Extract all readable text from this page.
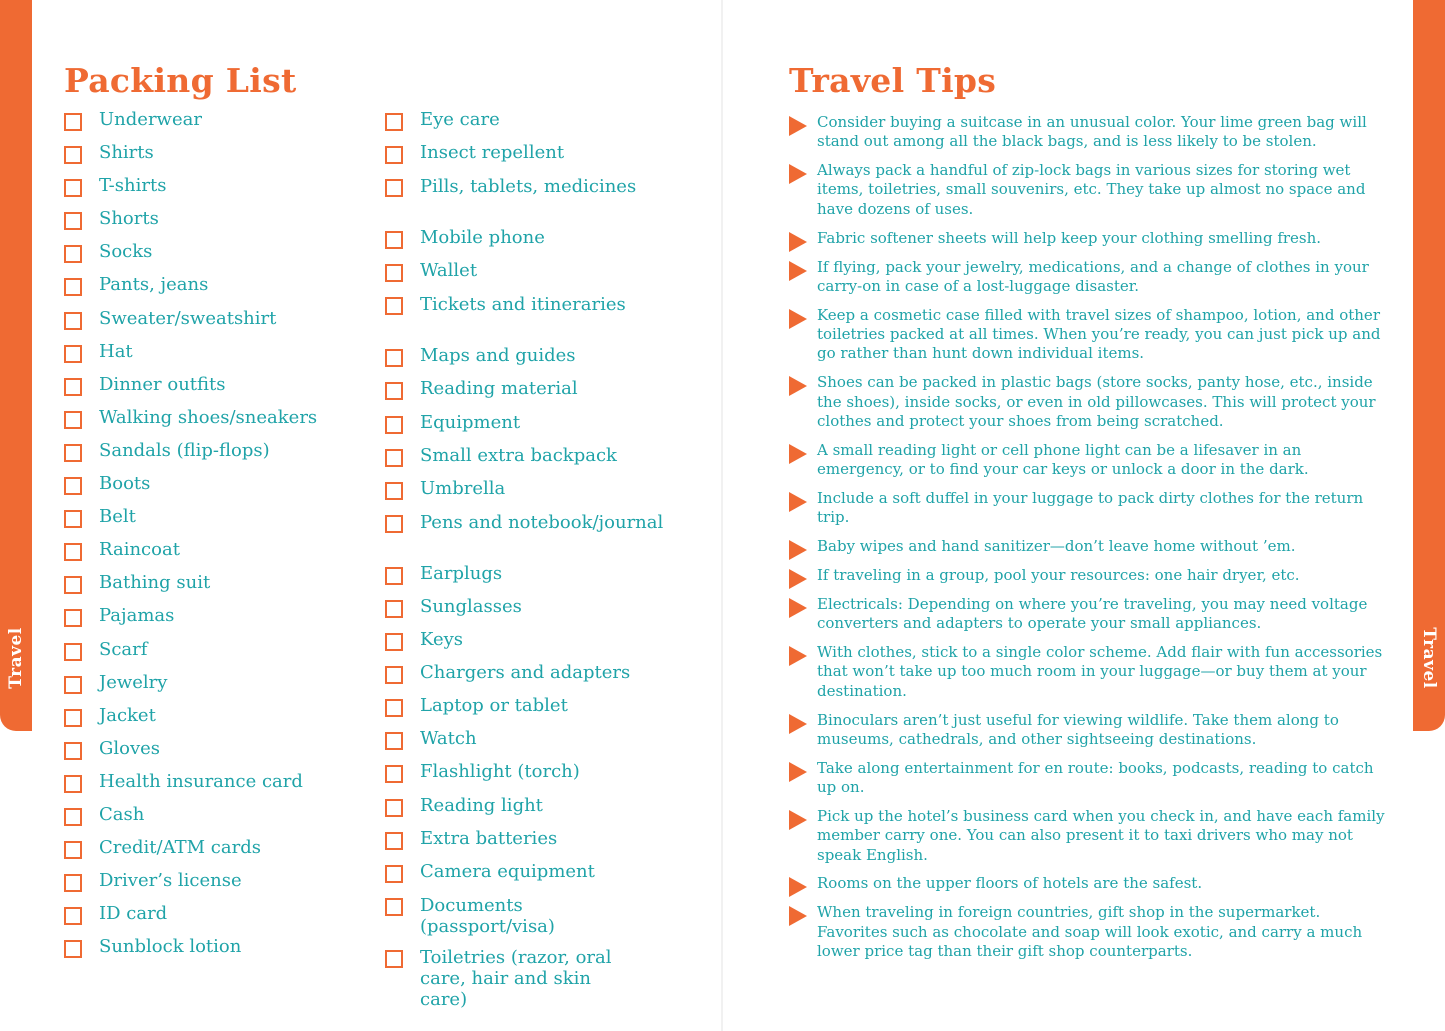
Travel	Travel
Packing List
Underwear
Shirts
T-shirts
Shorts
Socks
Pants, jeans
Sweater/sweatshirt
Hat
Dinner outfits
Walking shoes/sneakers
Sandals (flip-flops)
Boots
Belt
Raincoat
Bathing suit
Pajamas
Scarf
Jewelry
Jacket
Gloves
Health insurance card
Cash
Credit/ATM cards
Driver’s license
ID card
Sunblock lotion
Eye care
Insect repellent
Pills, tablets, medicines
Mobile phone
Wallet
Tickets and itineraries
Maps and guides
Reading material
Equipment
Small extra backpack
Umbrella
Pens and notebook/journal
Earplugs
Sunglasses
Keys
Chargers and adapters
Laptop or tablet
Watch
Flashlight (torch)
Reading light
Extra batteries
Camera equipment
Documents (passport/visa)
Toiletries (razor, oral care, hair and skin care)
Travel Tips
Consider buying a suitcase in an unusual color. Your lime green bag will stand out among all the black bags, and is less likely to be stolen.
Always pack a handful of zip-lock bags in various sizes for storing wet items, toiletries, small souvenirs, etc. They take up almost no space and have dozens of uses.
Fabric softener sheets will help keep your clothing smelling fresh.
If flying, pack your jewelry, medications, and a change of clothes in your carry-on in case of a lost-luggage disaster.
Keep a cosmetic case filled with travel sizes of shampoo, lotion, and other toiletries packed at all times. When you’re ready, you can just pick up and go rather than hunt down individual items.
Shoes can be packed in plastic bags (store socks, panty hose, etc., inside the shoes), inside socks, or even in old pillowcases. This will protect your clothes and protect your shoes from being scratched.
A small reading light or cell phone light can be a lifesaver in an emergency, or to find your car keys or unlock a door in the dark.
Include a soft duffel in your luggage to pack dirty clothes for the return trip.
Baby wipes and hand sanitizer—don’t leave home without ’em.
If traveling in a group, pool your resources: one hair dryer, etc.
Electricals: Depending on where you’re traveling, you may need voltage converters and adapters to operate your small appliances.
With clothes, stick to a single color scheme. Add flair with fun accessories that won’t take up too much room in your luggage—or buy them at your destination.
Binoculars aren’t just useful for viewing wildlife. Take them along to museums, cathedrals, and other sightseeing destinations.
Take along entertainment for en route: books, podcasts, reading to catch up on.
Pick up the hotel’s business card when you check in, and have each family member carry one. You can also present it to taxi drivers who may not speak English.
Rooms on the upper floors of hotels are the safest.
When traveling in foreign countries, gift shop in the supermarket. Favorites such as chocolate and soap will look exotic, and carry a much lower price tag than their gift shop counterparts.
